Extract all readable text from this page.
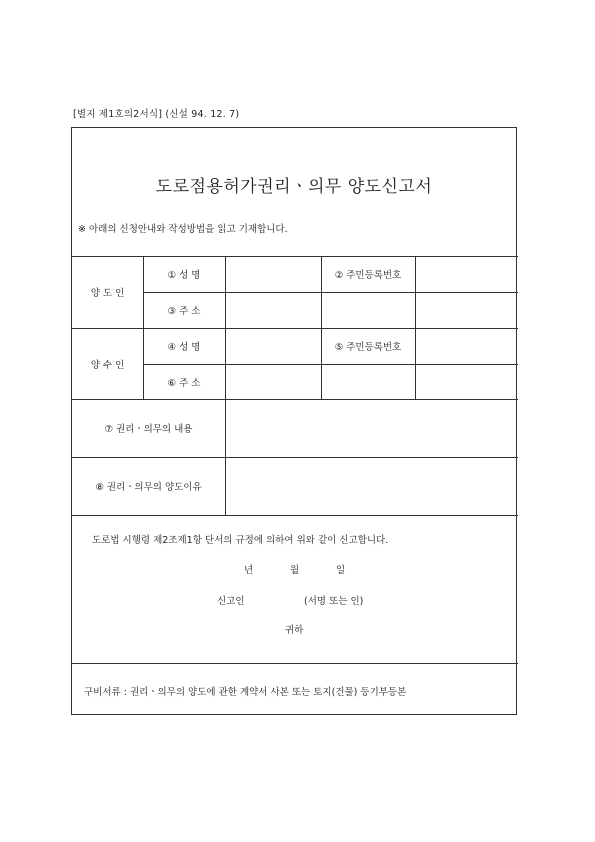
[별지 제1호의2서식] (신설 94. 12. 7)
도로점용허가권리ㆍ의무 양도신고서
※ 아래의 신청안내와 작성방법을 읽고 기재합니다.
양 도 인
① 성 명	② 주민등록번호
③ 주 소
양 수 인
④ 성 명	⑤ 주민등록번호
⑥ 주 소
⑦ 권리ㆍ의무의 내용
⑧ 권리ㆍ의무의 양도이유
도로법 시행령 제2조제1항 단서의 규정에 의하여 위와 같이 신고합니다.
년	월	일
신고인	(서명 또는 인)
귀하
구비서류 : 권리ㆍ의무의 양도에 관한 계약서 사본 또는 토지(건물) 등기부등본
